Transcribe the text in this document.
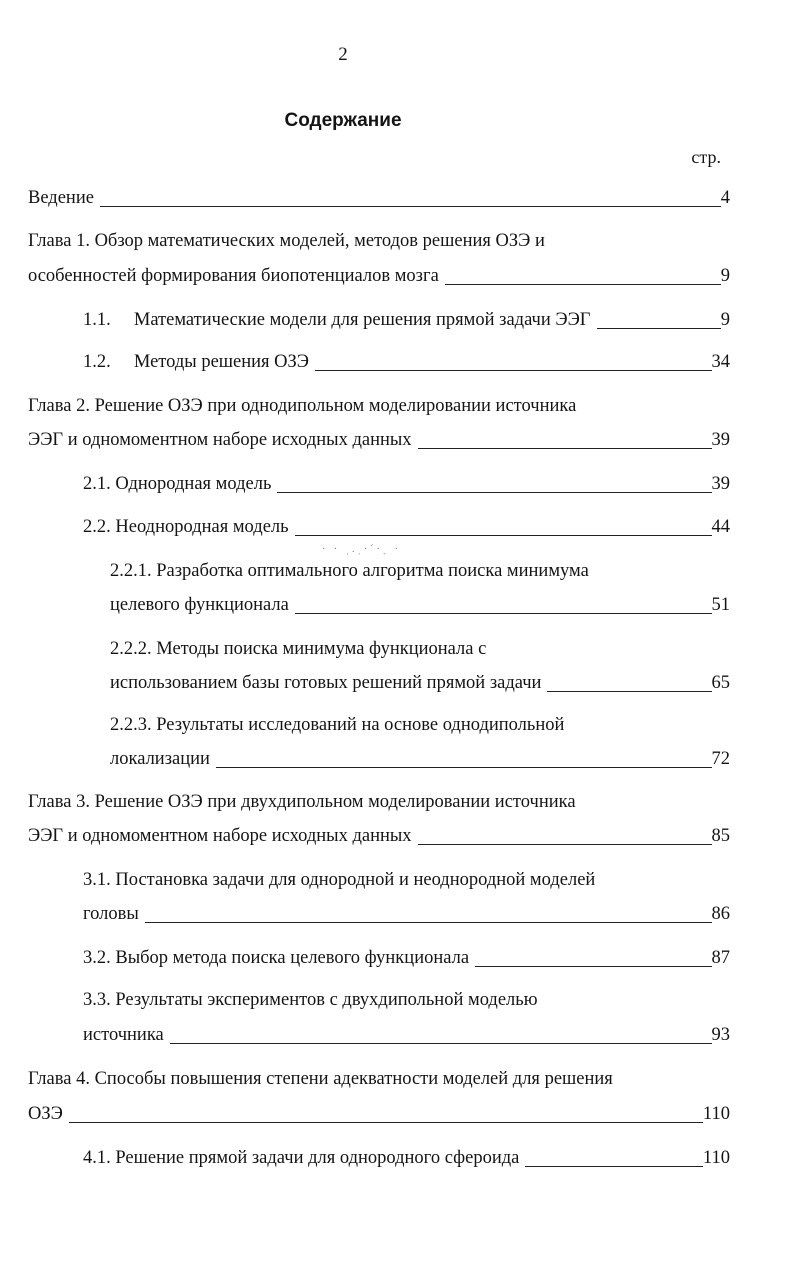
2
Содержание
стр.
· · ˌ.ˌ·ˊ·ˎ ·
Ведение	4
Глава 1. Обзор математических моделей, методов решения ОЗЭ и
особенностей формирования биопотенциалов мозга	9
1.1.  Математические модели для решения прямой задачи ЭЭГ	9
1.2.  Методы решения ОЗЭ	34
Глава 2. Решение ОЗЭ при однодипольном моделировании источника
ЭЭГ и одномоментном наборе исходных данных	39
2.1. Однородная модель	39
2.2. Неоднородная модель	44
2.2.1. Разработка оптимального алгоритма поиска минимума
целевого функционала	51
2.2.2. Методы поиска минимума функционала с
использованием базы готовых решений прямой задачи	65
2.2.3. Результаты исследований на основе однодипольной
локализации	72
Глава 3. Решение ОЗЭ при двухдипольном моделировании источника
ЭЭГ и одномоментном наборе исходных данных	85
3.1. Постановка задачи для однородной и неоднородной моделей
головы	86
3.2. Выбор метода поиска целевого функционала	87
3.3. Результаты экспериментов с двухдипольной моделью
источника	93
Глава 4. Способы повышения степени адекватности моделей для решения
ОЗЭ	110
4.1. Решение прямой задачи для однородного сфероида	110
